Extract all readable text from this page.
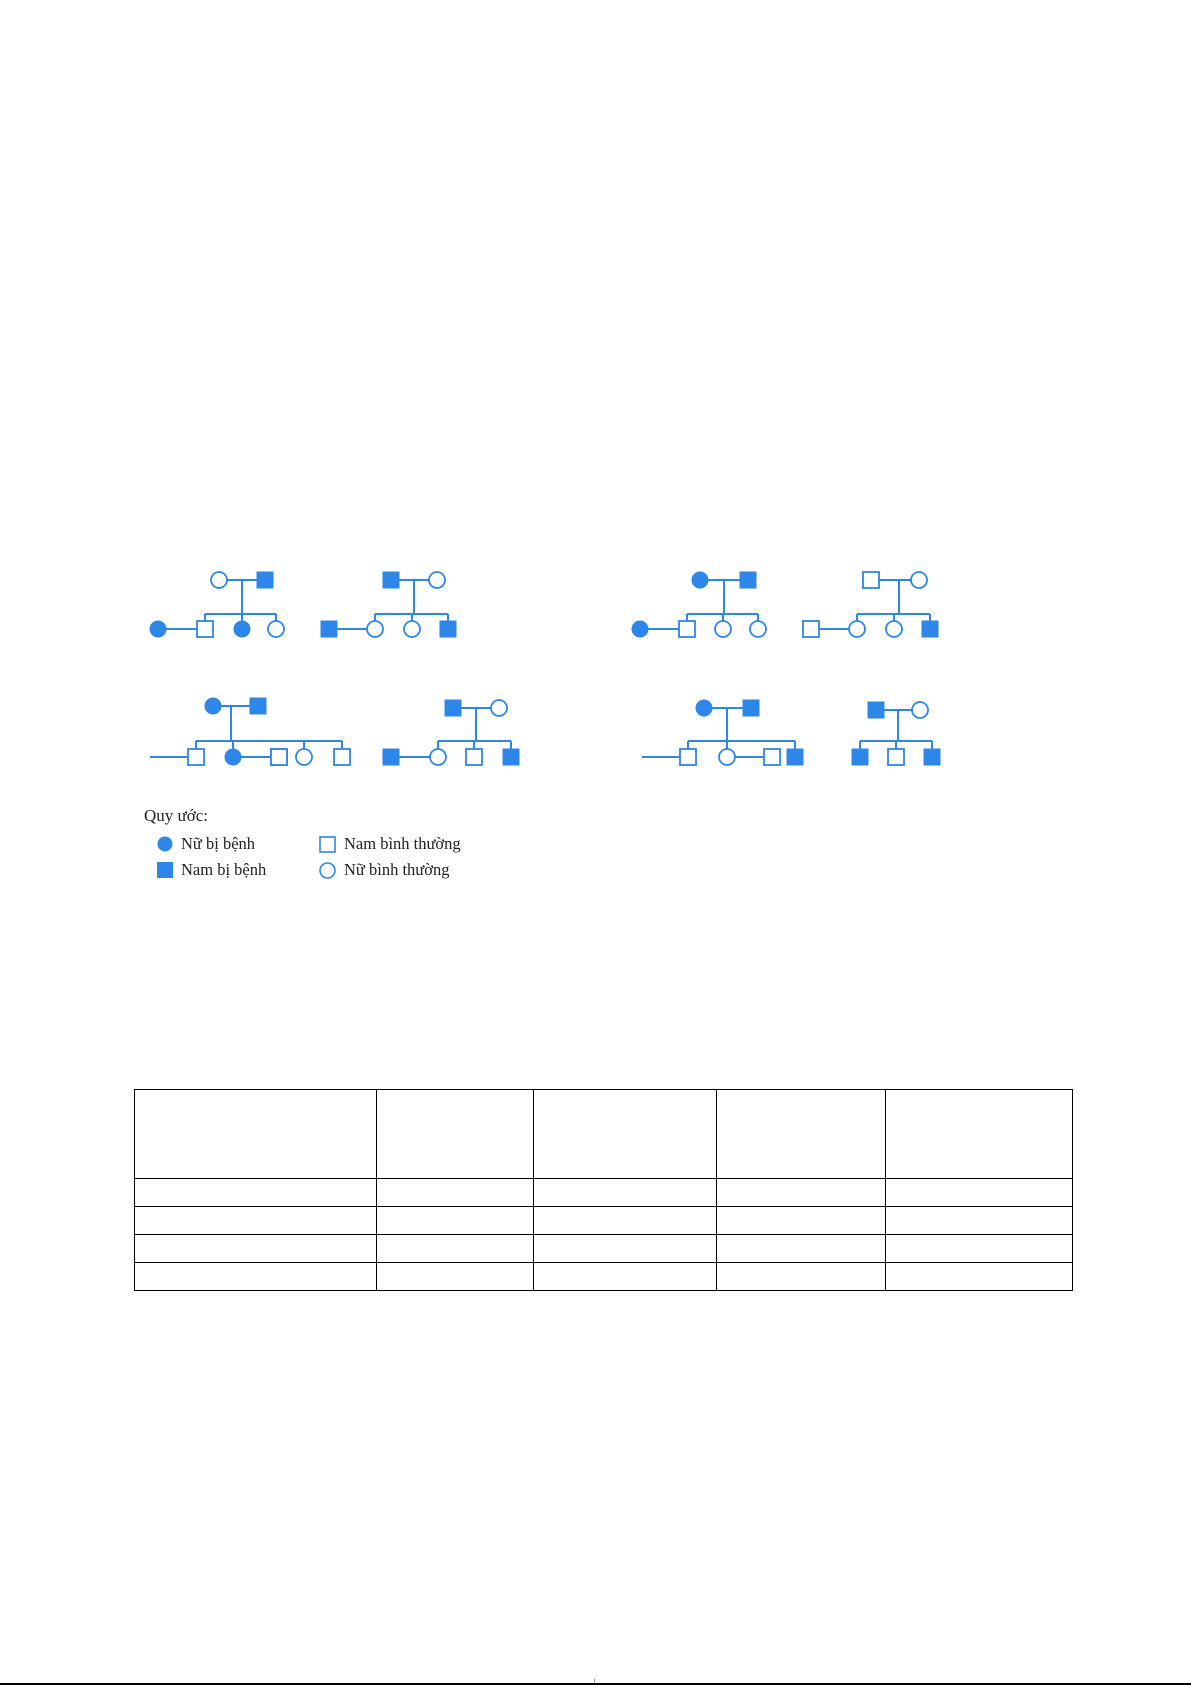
Quy ước:
Nữ bị bệnh
Nam bị bệnh
Nam bình thường
Nữ bình thường
